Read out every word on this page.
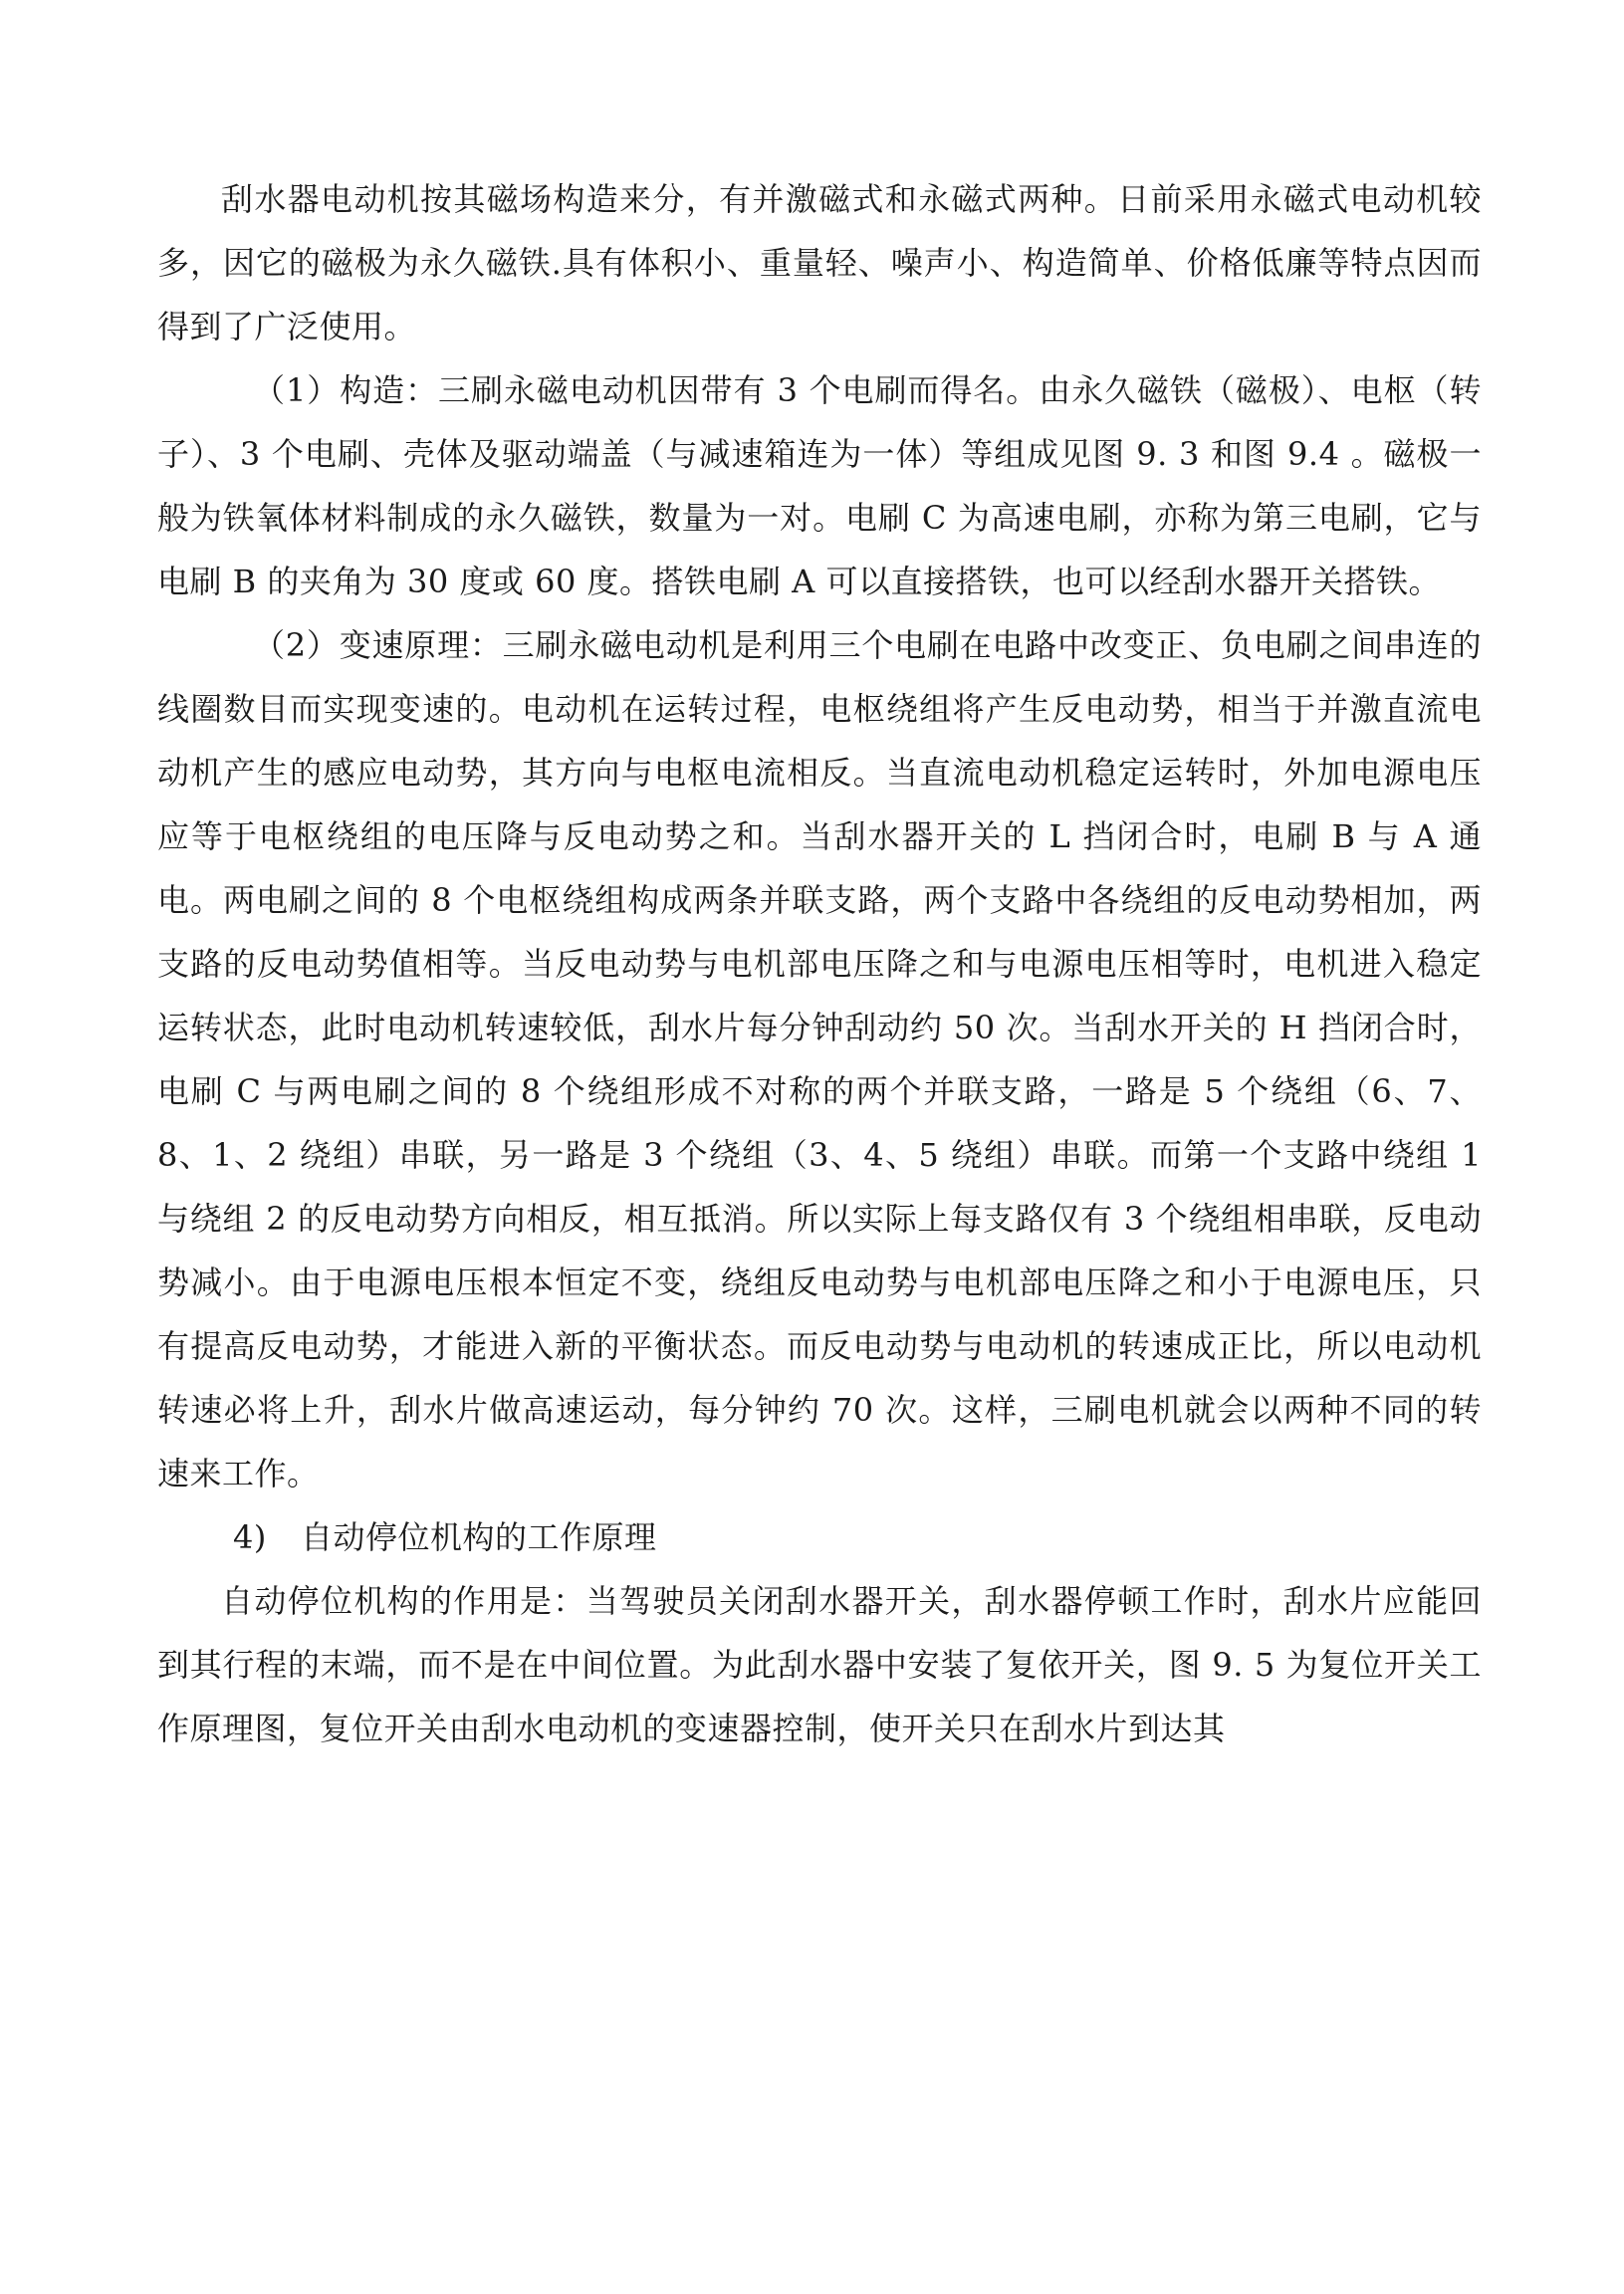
刮水器电动机按其磁场构造来分，有并激磁式和永磁式两种。日前采用永磁式电动机较多，因它的磁极为永久磁铁.具有体积小、重量轻、噪声小、构造简单、价格低廉等特点因而得到了广泛使用。

（1）构造：三刷永磁电动机因带有 3 个电刷而得名。由永久磁铁（磁极）、电枢（转子）、3 个电刷、壳体及驱动端盖（与减速箱连为一体）等组成见图 9. 3 和图 9.4 。磁极一般为铁氧体材料制成的永久磁铁，数量为一对。电刷 C 为高速电刷，亦称为第三电刷，它与电刷 B 的夹角为 30 度或 60 度。搭铁电刷 A 可以直接搭铁，也可以经刮水器开关搭铁。

（2）变速原理：三刷永磁电动机是利用三个电刷在电路中改变正、负电刷之间串连的线圈数目而实现变速的。电动机在运转过程，电枢绕组将产生反电动势，相当于并激直流电动机产生的感应电动势，其方向与电枢电流相反。当直流电动机稳定运转时，外加电源电压应等于电枢绕组的电压降与反电动势之和。当刮水器开关的 L 挡闭合时，电刷 B 与 A 通电。两电刷之间的 8 个电枢绕组构成两条并联支路，两个支路中各绕组的反电动势相加，两支路的反电动势值相等。当反电动势与电机部电压降之和与电源电压相等时，电机进入稳定运转状态，此时电动机转速较低，刮水片每分钟刮动约 50 次。当刮水开关的 H 挡闭合时，电刷 C 与两电刷之间的 8 个绕组形成不对称的两个并联支路，一路是 5 个绕组（6、7、8、1、2 绕组）串联，另一路是 3 个绕组（3、4、5 绕组）串联。而第一个支路中绕组 1 与绕组 2 的反电动势方向相反，相互抵消。所以实际上每支路仅有 3 个绕组相串联，反电动势减小。由于电源电压根本恒定不变，绕组反电动势与电机部电压降之和小于电源电压，只有提高反电动势，才能进入新的平衡状态。而反电动势与电动机的转速成正比，所以电动机转速必将上升，刮水片做高速运动，每分钟约 70 次。这样，三刷电机就会以两种不同的转速来工作。

4) 自动停位机构的工作原理

自动停位机构的作用是：当驾驶员关闭刮水器开关，刮水器停顿工作时，刮水片应能回到其行程的末端，而不是在中间位置。为此刮水器中安装了复依开关，图 9. 5 为复位开关工作原理图，复位开关由刮水电动机的变速器控制，使开关只在刮水片到达其
